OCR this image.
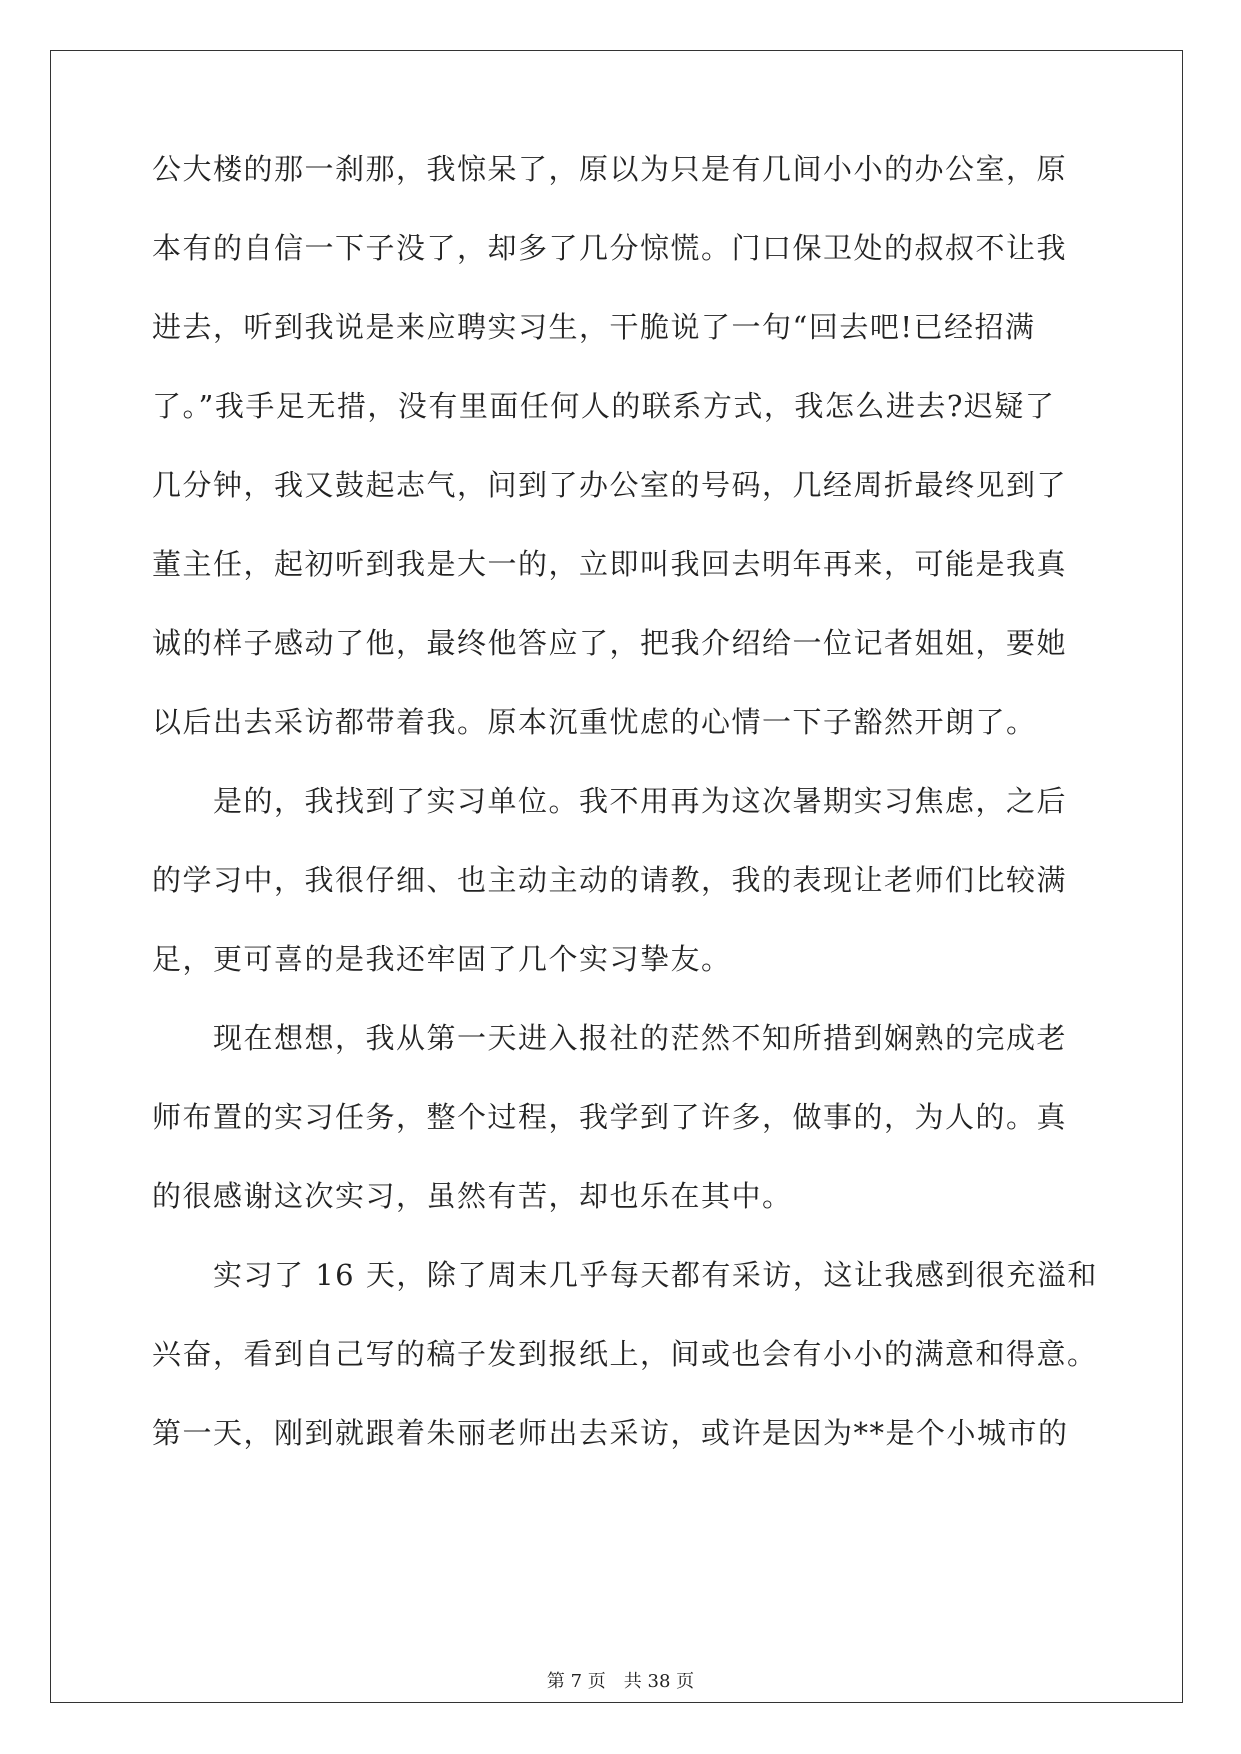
公大楼的那一刹那，我惊呆了，原以为只是有几间小小的办公室，原
本有的自信一下子没了，却多了几分惊慌。门口保卫处的叔叔不让我
进去，听到我说是来应聘实习生，干脆说了一句“回去吧!已经招满
了。”我手足无措，没有里面任何人的联系方式，我怎么进去?迟疑了
几分钟，我又鼓起志气，问到了办公室的号码，几经周折最终见到了
董主任，起初听到我是大一的，立即叫我回去明年再来，可能是我真
诚的样子感动了他，最终他答应了，把我介绍给一位记者姐姐，要她
以后出去采访都带着我。原本沉重忧虑的心情一下子豁然开朗了。
　　是的，我找到了实习单位。我不用再为这次暑期实习焦虑，之后
的学习中，我很仔细、也主动主动的请教，我的表现让老师们比较满
足，更可喜的是我还牢固了几个实习挚友。
　　现在想想，我从第一天进入报社的茫然不知所措到娴熟的完成老
师布置的实习任务，整个过程，我学到了许多，做事的，为人的。真
的很感谢这次实习，虽然有苦，却也乐在其中。
　　实习了 16 天，除了周末几乎每天都有采访，这让我感到很充溢和
兴奋，看到自己写的稿子发到报纸上，间或也会有小小的满意和得意。
第一天，刚到就跟着朱丽老师出去采访，或许是因为**是个小城市的
第 7 页　共 38 页
